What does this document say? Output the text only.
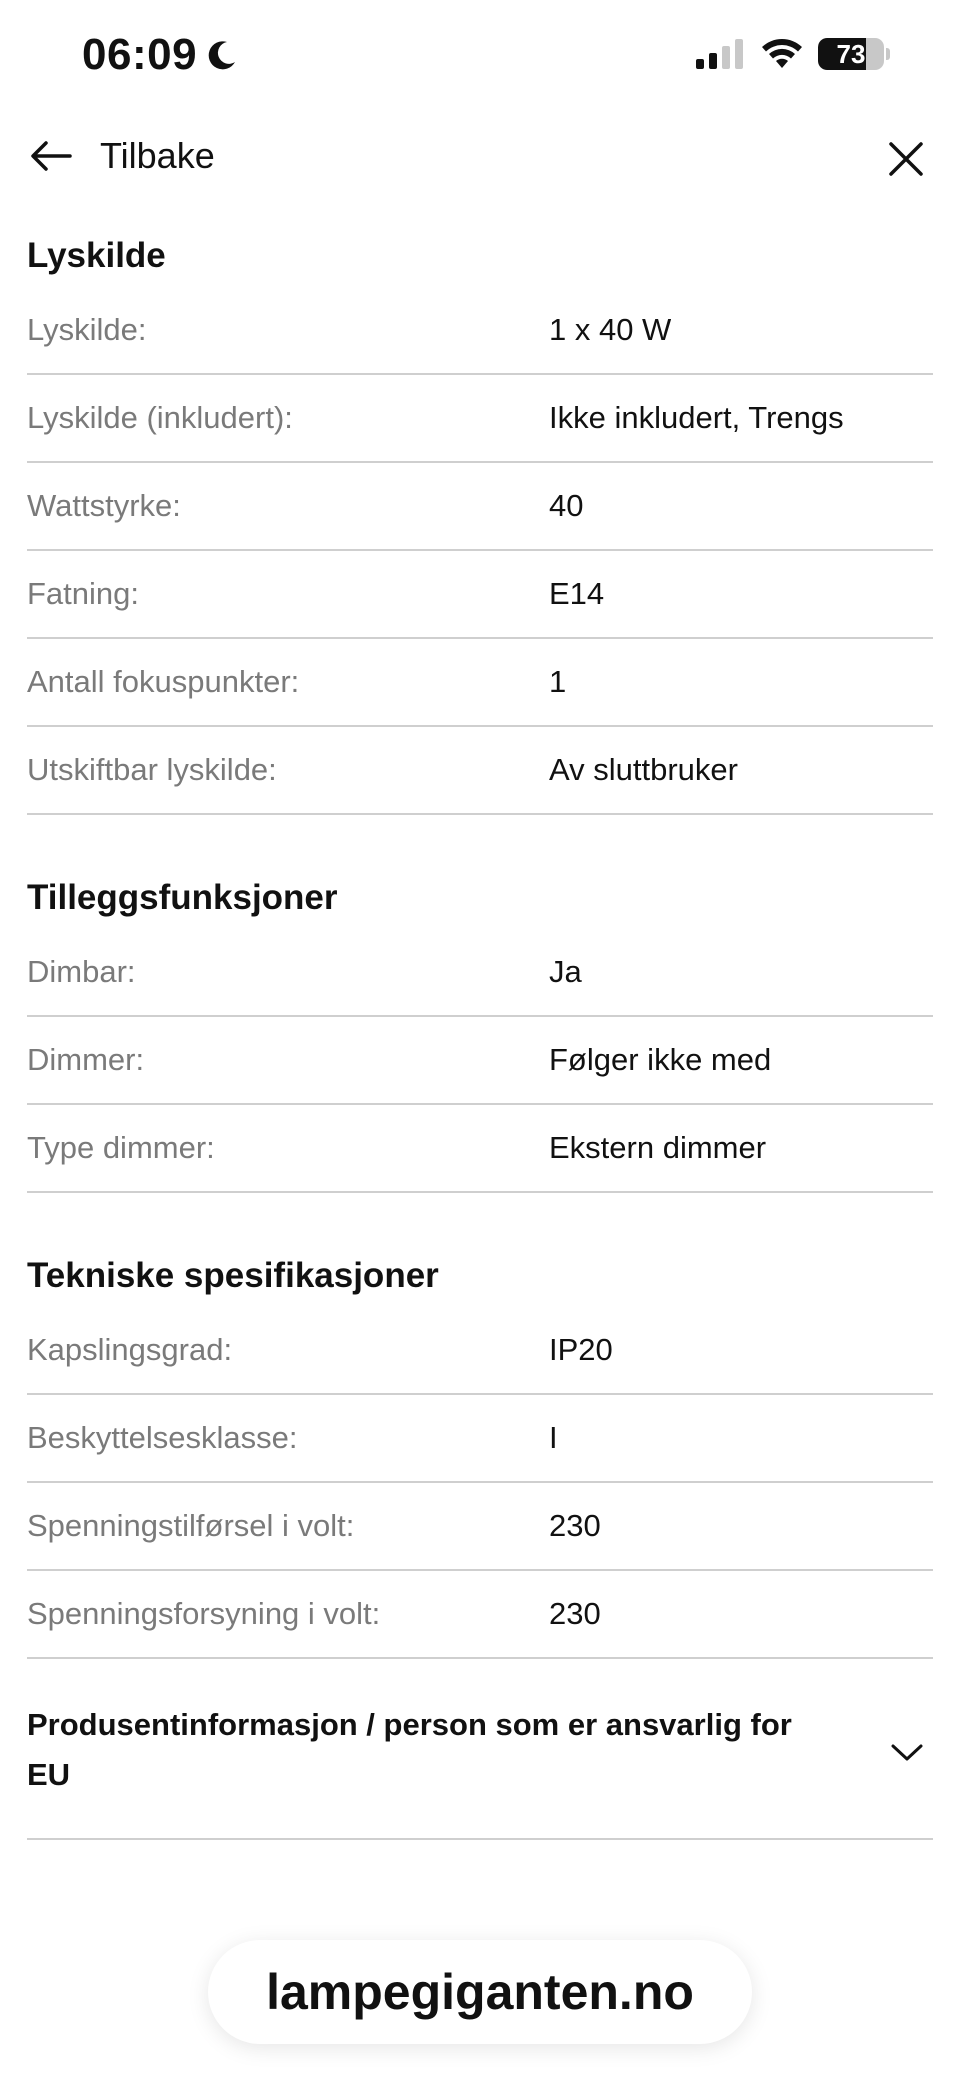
06:09	73
Tilbake
Lyskilde
Lyskilde:	1 x 40 W
Lyskilde (inkludert):	Ikke inkludert, Trengs
Wattstyrke:	40
Fatning:	E14
Antall fokuspunkter:	1
Utskiftbar lyskilde:	Av sluttbruker
Tilleggsfunksjoner
Dimbar:	Ja
Dimmer:	Følger ikke med
Type dimmer:	Ekstern dimmer
Tekniske spesifikasjoner
Kapslingsgrad:	IP20
Beskyttelsesklasse:	I
Spenningstilførsel i volt:	230
Spenningsforsyning i volt:	230
Produsentinformasjon / person som er ansvarlig for EU
lampegiganten.no
